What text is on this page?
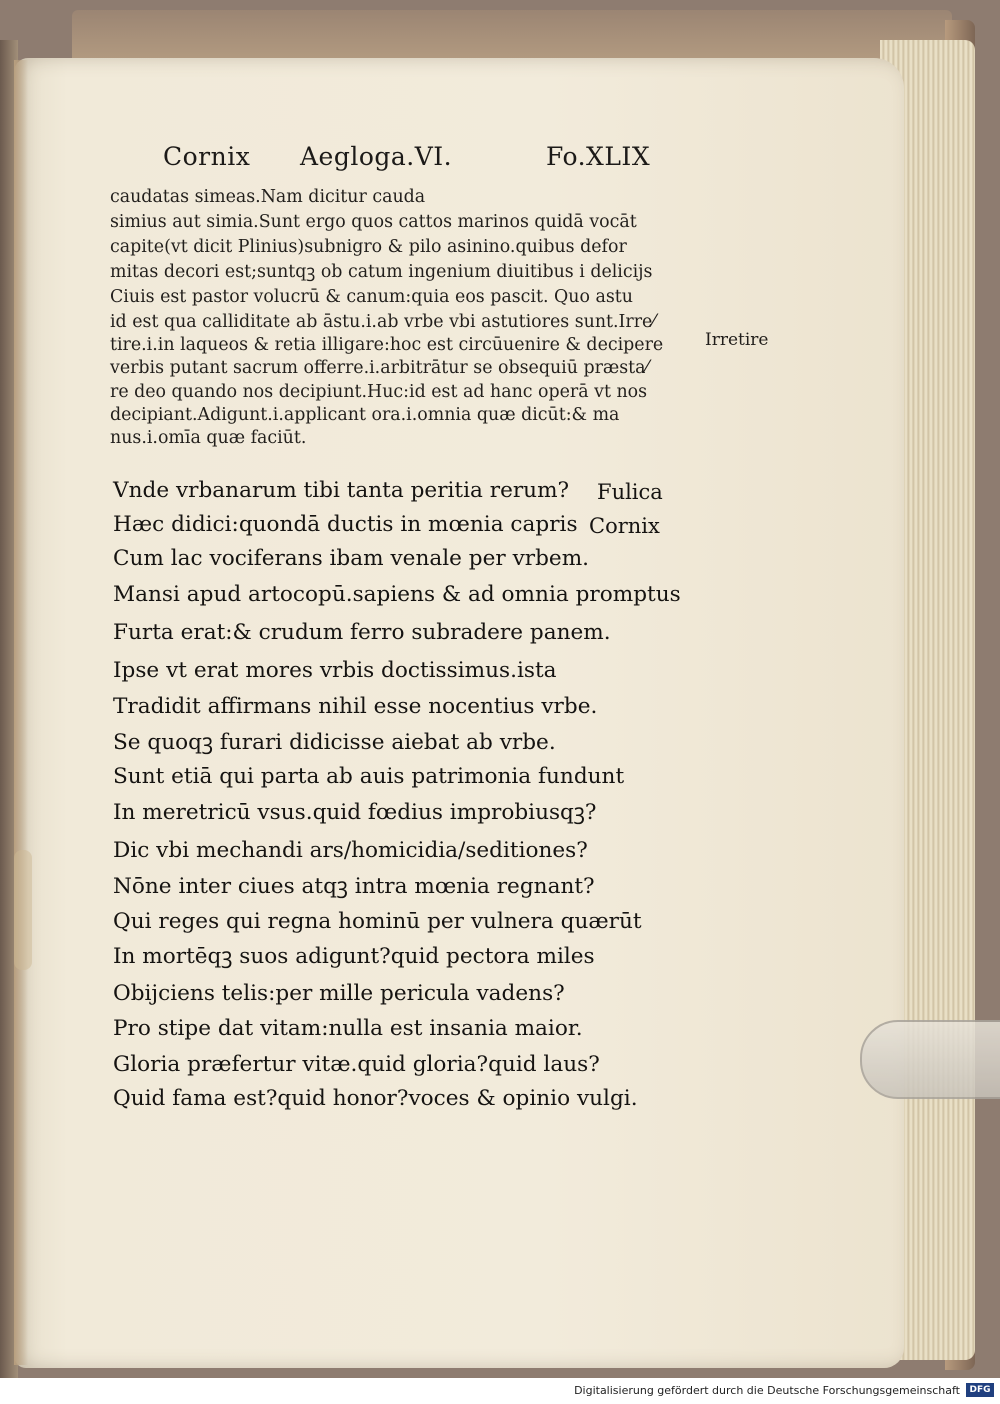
Cornix Aegloga.VI.	Fo.XLIX
caudatas simeas.Nam dicitur cauda
simius aut simia.Sunt ergo quos cattos marinos quidā vocāt
capite(vt dicit Plinius)subnigro & pilo asinino.quibus defor
mitas decori est;suntqꝫ ob catum ingenium diuitibus i delicijs
Ciuis est pastor volucrū & canum:quia eos pascit. Quo astu
id est qua calliditate ab āstu.i.ab vrbe vbi astutiores sunt.Irre⁄
tire.i.in laqueos & retia illigare:hoc est circūuenire & decipere
verbis putant sacrum offerre.i.arbitrātur se obsequiū præsta⁄
re deo quando nos decipiunt.Huc:id est ad hanc operā vt nos
decipiant.Adigunt.i.applicant ora.i.omnia quæ dicūt:& ma
nus.i.omīa quæ faciūt.
Irretire
Vnde vrbanarum tibi tanta peritia rerum?
Hæc didici:quondā ductis in mœnia capris
Cum lac vociferans ibam venale per vrbem.
Mansi apud artocopū.sapiens & ad omnia promptus
Furta erat:& crudum ferro subradere panem.
Ipse vt erat mores vrbis doctissimus.ista
Tradidit affirmans nihil esse nocentius vrbe.
Se quoqꝫ furari didicisse aiebat ab vrbe.
Sunt etiā qui parta ab auis patrimonia fundunt
In meretricū vsus.quid fœdius improbiusqꝫ?
Dic vbi mechandi ars/homicidia/seditiones?
Nōne inter ciues atqꝫ intra mœnia regnant?
Qui reges qui regna hominū per vulnera quærūt
In mortēqꝫ suos adigunt?quid pectora miles
Obijciens telis:per mille pericula vadens?
Pro stipe dat vitam:nulla est insania maior.
Gloria præfertur vitæ.quid gloria?quid laus?
Quid fama est?quid honor?voces & opinio vulgi.
Fulica
Cornix
Digitalisierung gefördert durch die Deutsche Forschungsgemeinschaft	DFG
